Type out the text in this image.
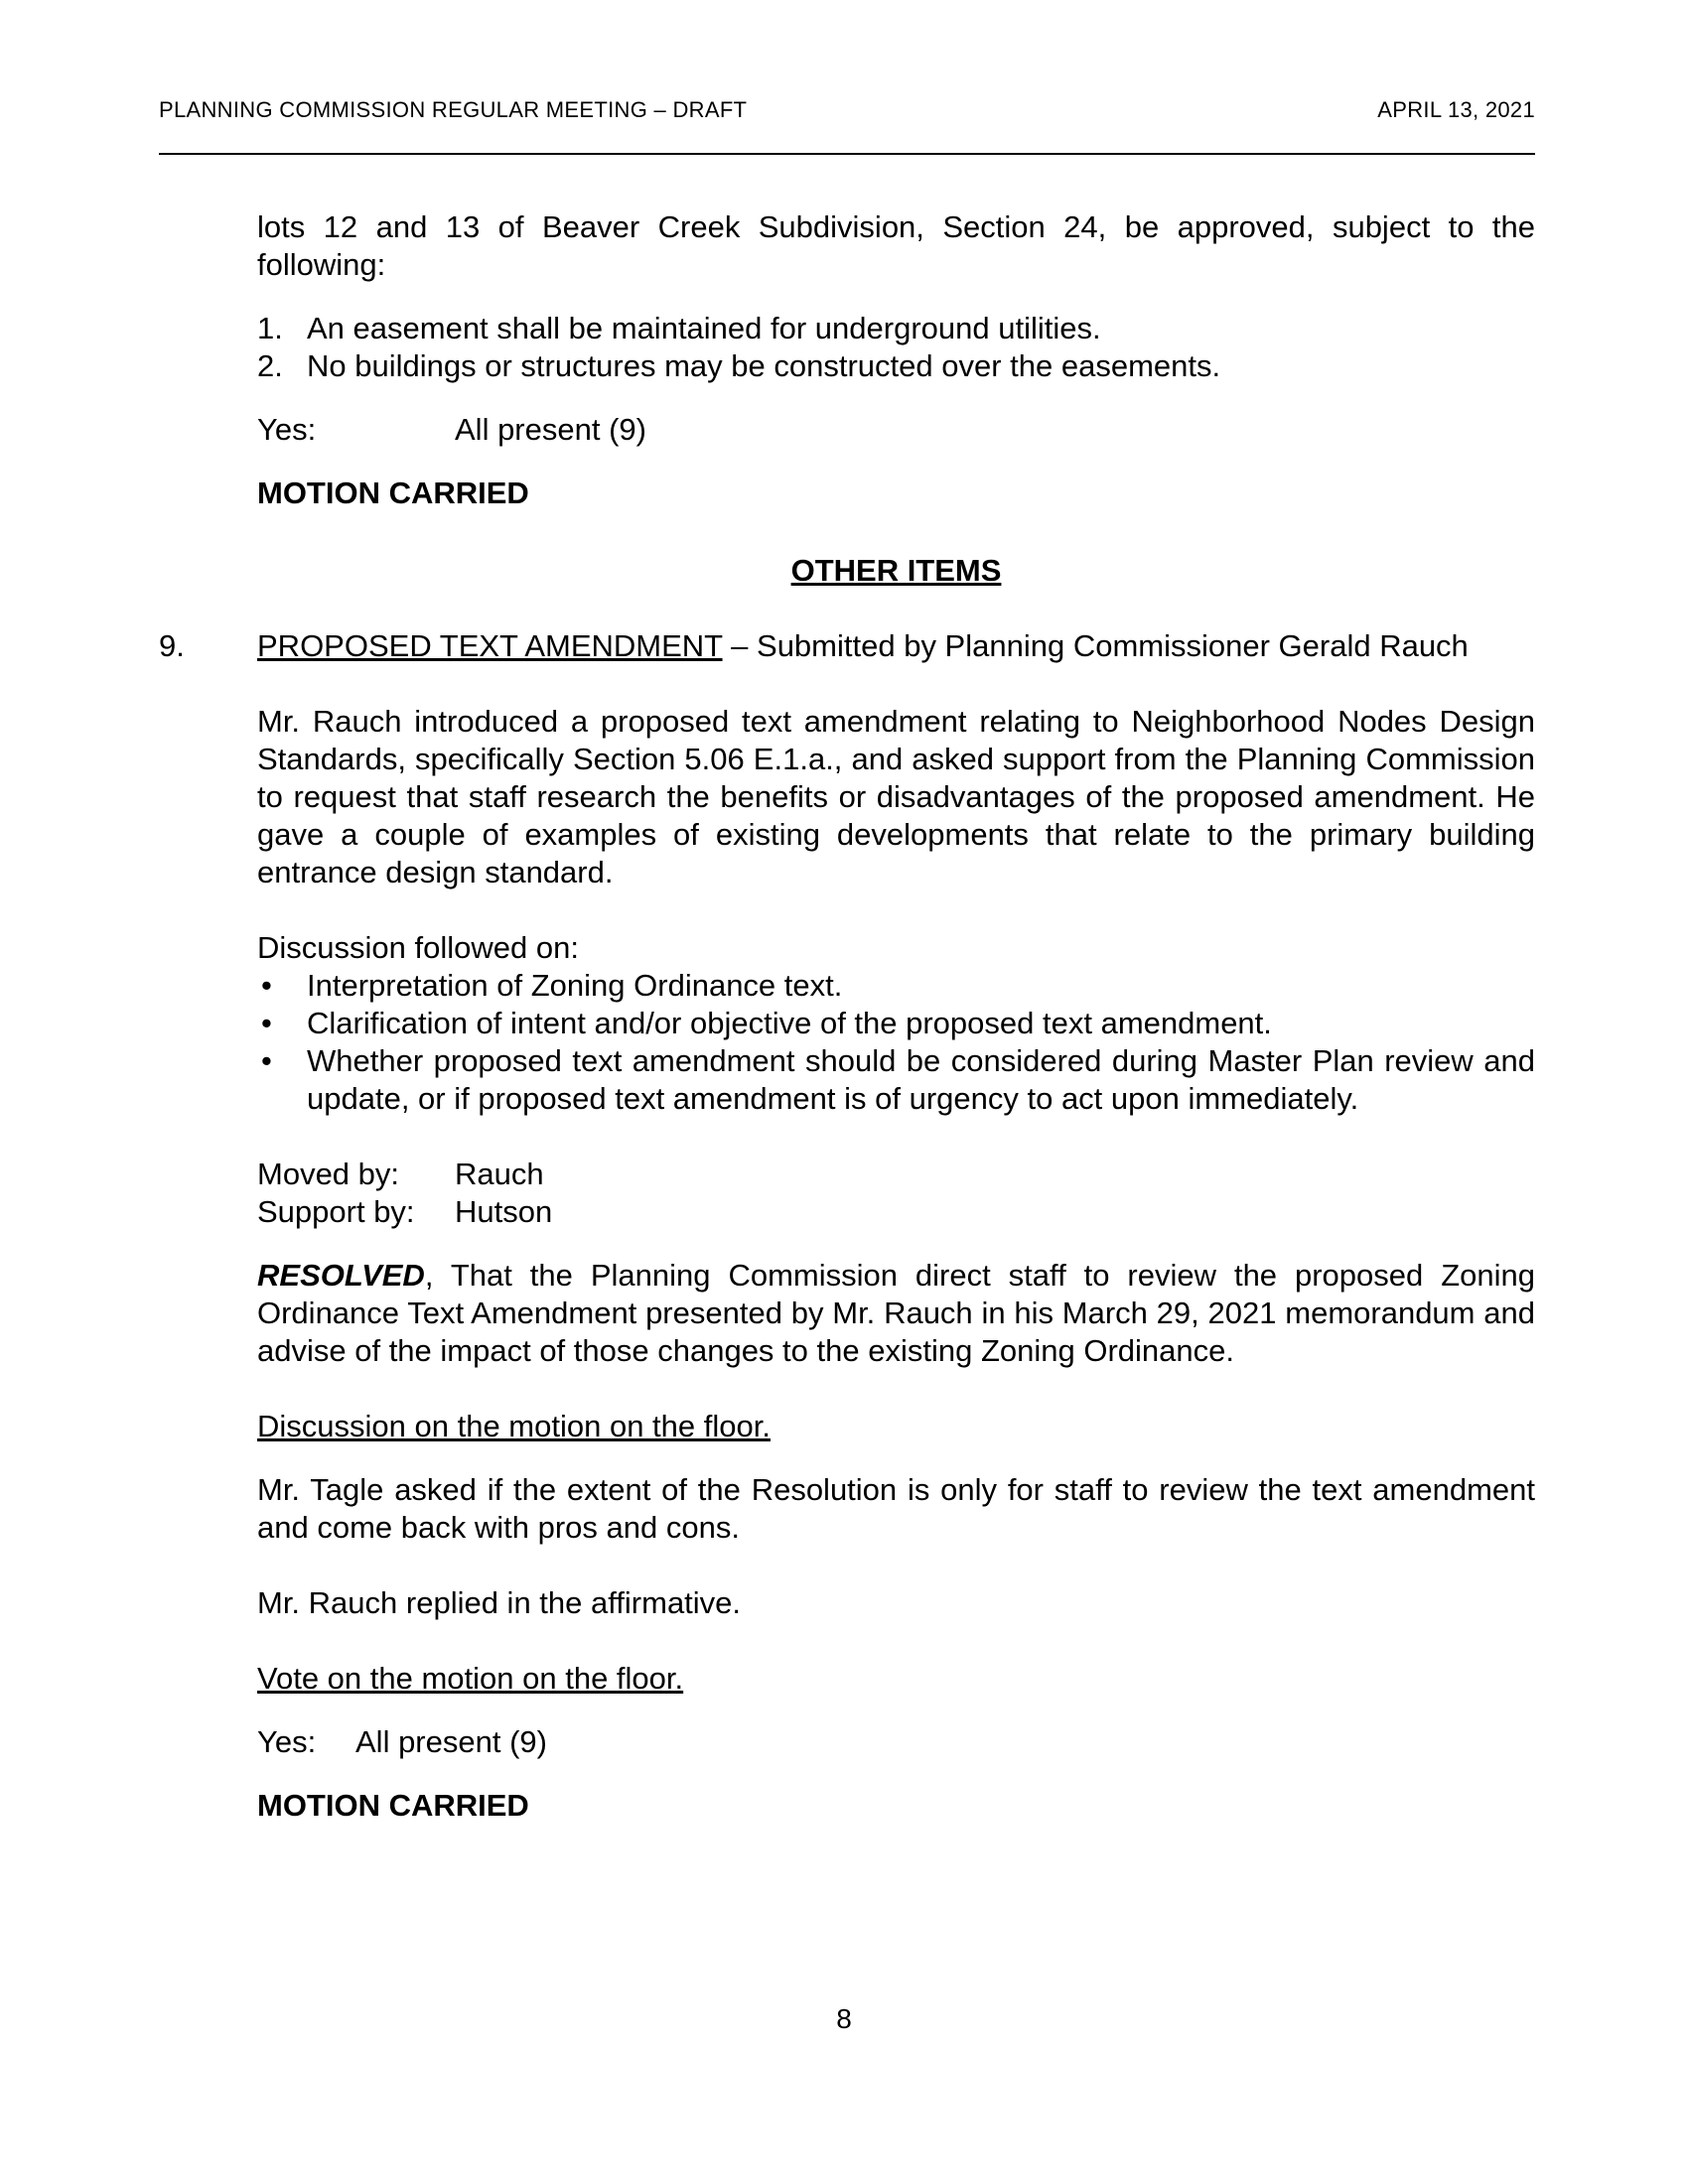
PLANNING COMMISSION REGULAR MEETING – DRAFT	APRIL 13, 2021

lots 12 and 13 of Beaver Creek Subdivision, Section 24, be approved, subject to the following:

1. An easement shall be maintained for underground utilities.
2. No buildings or structures may be constructed over the easements.
Yes:	All present (9)

MOTION CARRIED

OTHER ITEMS

9. PROPOSED TEXT AMENDMENT – Submitted by Planning Commissioner Gerald Rauch

Mr. Rauch introduced a proposed text amendment relating to Neighborhood Nodes Design Standards, specifically Section 5.06 E.1.a., and asked support from the Planning Commission to request that staff research the benefits or disadvantages of the proposed amendment. He gave a couple of examples of existing developments that relate to the primary building entrance design standard.

Discussion followed on:

•	Interpretation of Zoning Ordinance text.
•	Clarification of intent and/or objective of the proposed text amendment.
•	Whether proposed text amendment should be considered during Master Plan review and update, or if proposed text amendment is of urgency to act upon immediately.
Moved by:	Rauch
Support by:	Hutson

RESOLVED, That the Planning Commission direct staff to review the proposed Zoning Ordinance Text Amendment presented by Mr. Rauch in his March 29, 2021 memorandum and advise of the impact of those changes to the existing Zoning Ordinance.

Discussion on the motion on the floor.

Mr. Tagle asked if the extent of the Resolution is only for staff to review the text amendment and come back with pros and cons.

Mr. Rauch replied in the affirmative.

Vote on the motion on the floor.

Yes:	All present (9)

MOTION CARRIED

8
